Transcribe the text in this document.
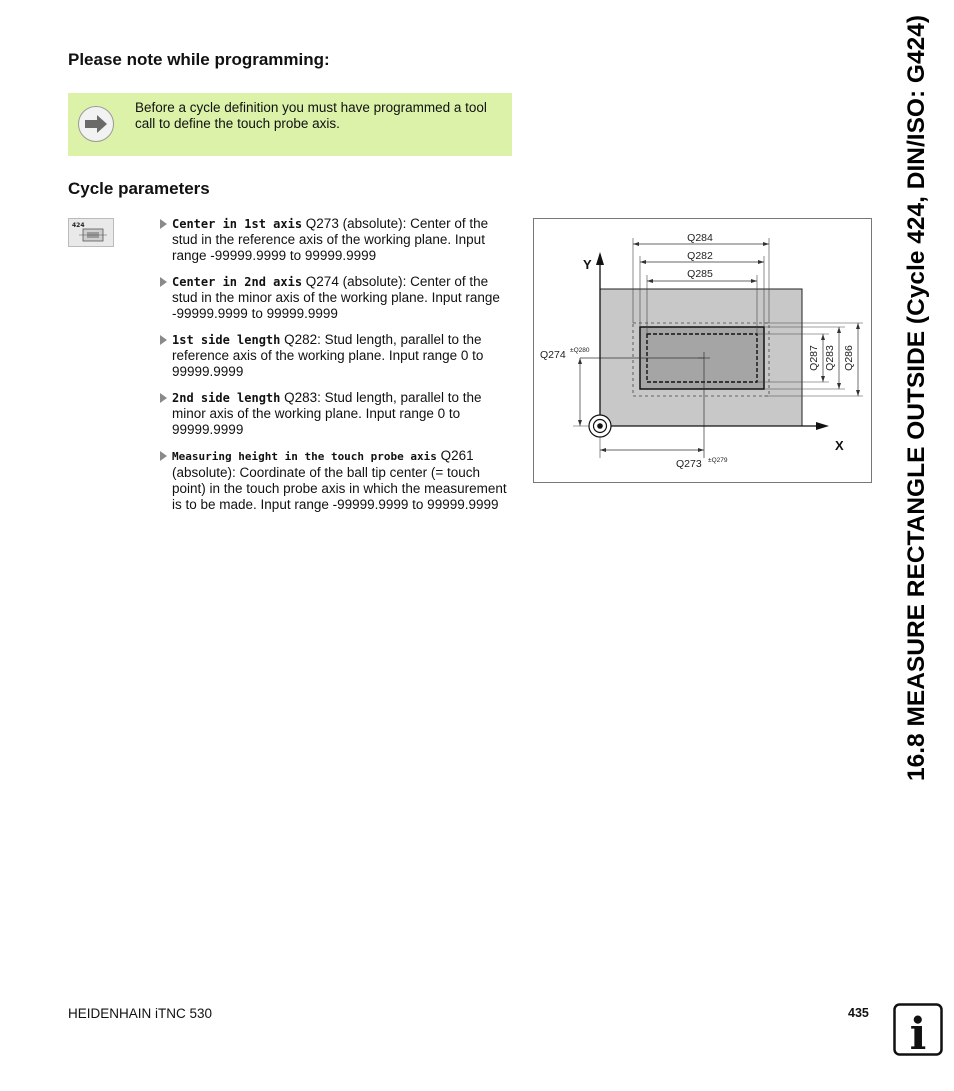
Please note while programming:
Before a cycle definition you must have programmed a tool call to define the touch probe axis.
Cycle parameters
424	Center in 1st axis Q273 (absolute): Center of the stud in the reference axis of the working plane. Input range -99999.9999 to 99999.9999
Center in 2nd axis Q274 (absolute): Center of the stud in the minor axis of the working plane. Input range -99999.9999 to 99999.9999
1st side length Q282: Stud length, parallel to the reference axis of the working plane. Input range 0 to 99999.9999
2nd side length Q283: Stud length, parallel to the minor axis of the working plane. Input range 0 to 99999.9999
Measuring height in the touch probe axis Q261 (absolute): Coordinate of the ball tip center (= touch point) in the touch probe axis in which the measurement is to be made. Input range -99999.9999 to 99999.9999
Q284
Q282
Q285
Q287 Q283 Q286
Q274 ±Q280
Q273 ±Q279
Y
X 16.8 MEASURE RECTANGLE OUTSIDE (Cycle 424, DIN/ISO: G424)
HEIDENHAIN iTNC 530	435 i
